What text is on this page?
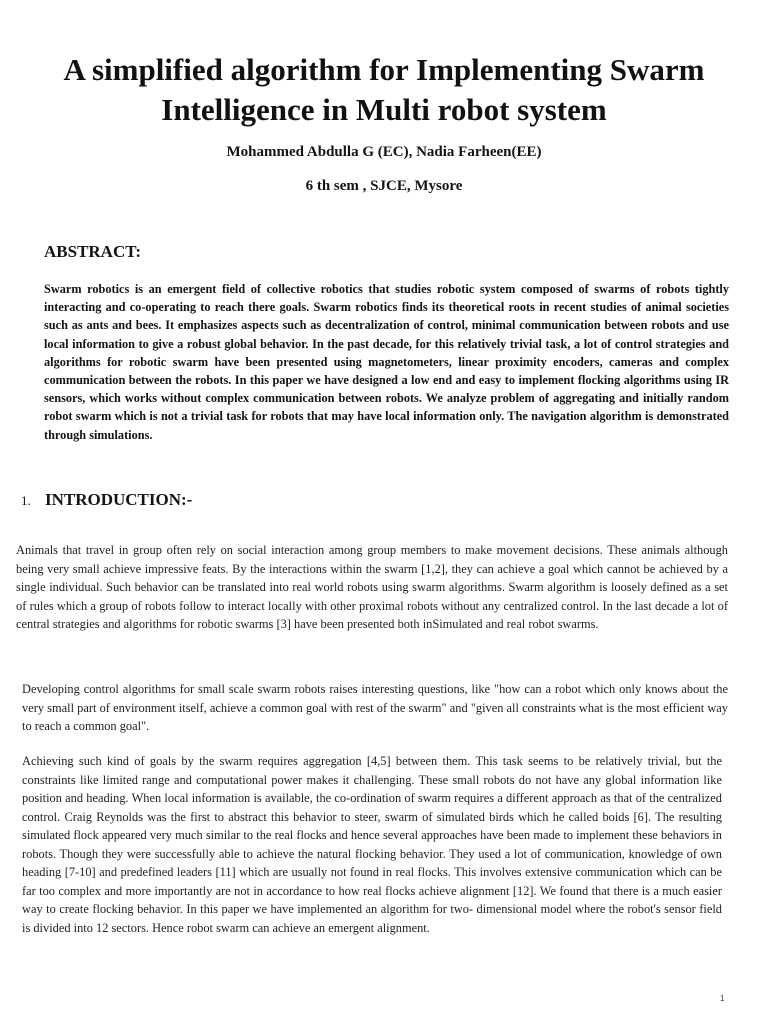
A simplified algorithm for Implementing Swarm Intelligence in Multi robot system

Mohammed Abdulla G (EC), Nadia Farheen(EE)

6 th sem , SJCE, Mysore

ABSTRACT:

Swarm robotics is an emergent field of collective robotics that studies robotic system composed of swarms of robots tightly interacting and co-operating to reach there goals. Swarm robotics finds its theoretical roots in recent studies of animal societies such as ants and bees. It emphasizes aspects such as decentralization of control, minimal communication between robots and use local information to give a robust global behavior. In the past decade, for this relatively trivial task, a lot of control strategies and algorithms for robotic swarm have been presented using magnetometers, linear proximity encoders, cameras and complex communication between the robots. In this paper we have designed a low end and easy to implement flocking algorithms using IR sensors, which works without complex communication between robots. We analyze problem of aggregating and initially random robot swarm which is not a trivial task for robots that may have local information only. The navigation algorithm is demonstrated through simulations.

1. INTRODUCTION:-

Animals that travel in group often rely on social interaction among group members to make movement decisions. These animals although being very small achieve impressive feats. By the interactions within the swarm [1,2], they can achieve a goal which cannot be achieved by a single individual. Such behavior can be translated into real world robots using swarm algorithms. Swarm algorithm is loosely defined as a set of rules which a group of robots follow to interact locally with other proximal robots without any centralized control. In the last decade a lot of central strategies and algorithms for robotic swarms [3] have been presented both inSimulated and real robot swarms.

Developing control algorithms for small scale swarm robots raises interesting questions, like "how can a robot which only knows about the very small part of environment itself, achieve a common goal with rest of the swarm" and "given all constraints what is the most efficient way to reach a common goal".

Achieving such kind of goals by the swarm requires aggregation [4,5] between them. This task seems to be relatively trivial, but the constraints like limited range and computational power makes it challenging. These small robots do not have any global information like position and heading. When local information is available, the co-ordination of swarm requires a different approach as that of the centralized control. Craig Reynolds was the first to abstract this behavior to steer, swarm of simulated birds which he called boids [6]. The resulting simulated flock appeared very much similar to the real flocks and hence several approaches have been made to implement these behaviors in robots. Though they were successfully able to achieve the natural flocking behavior. They used a lot of communication, knowledge of own heading [7-10] and predefined leaders [11] which are usually not found in real flocks. This involves extensive communication which can be far too complex and more importantly are not in accordance to how real flocks achieve alignment [12]. We found that there is a much easier way to create flocking behavior. In this paper we have implemented an algorithm for two- dimensional model where the robot's sensor field is divided into 12 sectors. Hence robot swarm can achieve an emergent alignment.

1
